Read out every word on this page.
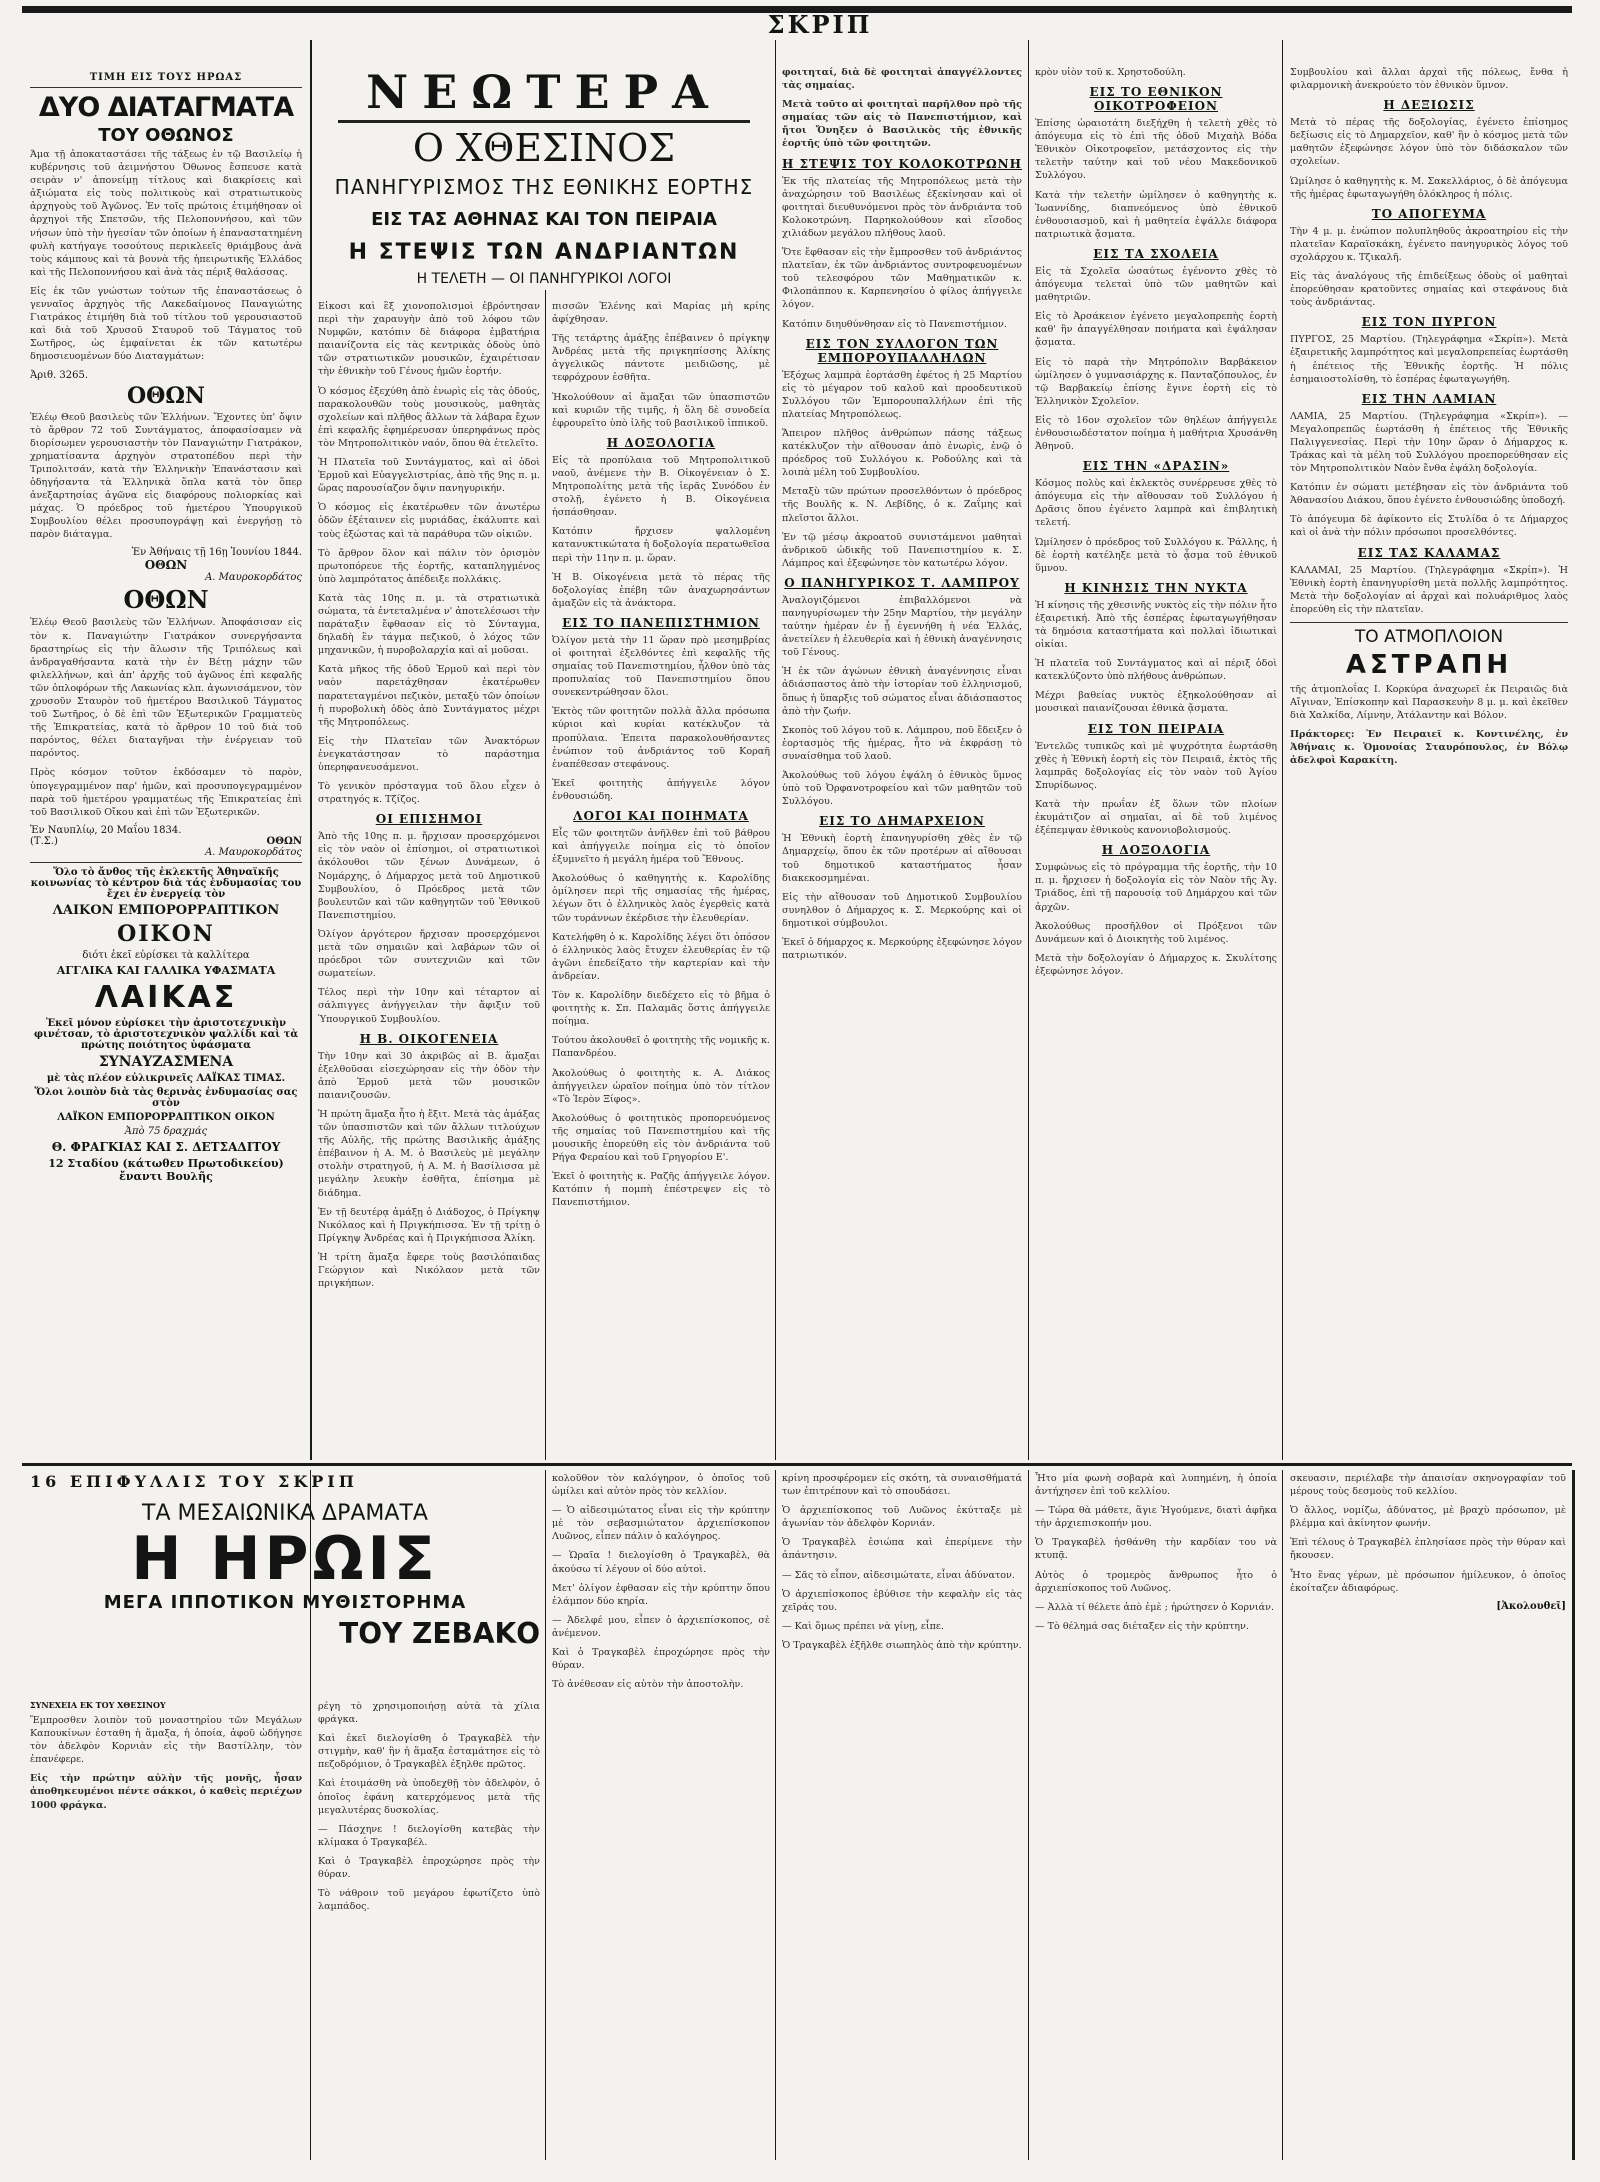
ΣΚΡΙΠ
ΤΙΜΗ ΕΙΣ ΤΟΥΣ ΗΡΩΑΣ
ΔΥΟ ΔΙΑΤΑΓΜΑΤΑ
ΤΟΥ ΟΘΩΝΟΣ

Άμα τῇ ἀποκαταστάσει τῆς τάξεως ἐν τῷ Βασιλείῳ ἡ κυβέρνησις τοῦ ἀειμνήστου Όθωνος ἔσπευσε κατὰ σειρὰν ν' ἀπονείμῃ τίτλους καὶ διακρίσεις καὶ ἀξιώματα εἰς τοὺς πολιτικοὺς καὶ στρατιωτικοὺς ἀρχηγοὺς τοῦ Ἀγῶνος. Ἐν τοῖς πρώτοις ἐτιμήθησαν οἱ ἀρχηγοὶ τῆς Σπετσῶν, τῆς Πελοποννήσου, καὶ τῶν νήσων ὑπὸ τὴν ἡγεσίαν τῶν ὁποίων ἡ ἐπαναστατημένη φυλὴ κατήγαγε τοσούτους περικλεεῖς θριάμβους ἀνὰ τοὺς κάμπους καὶ τὰ βουνὰ τῆς ἠπειρωτικῆς Ἑλλάδος καὶ τῆς Πελοποννήσου καὶ ἀνὰ τὰς πέριξ θαλάσσας.

Εἰς ἐκ τῶν γνώστων τούτων τῆς ἐπαναστάσεως ὁ γενναῖος ἀρχηγὸς τῆς Λακεδαίμονος Παναγιώτης Γιατράκος ἐτιμήθη διὰ τοῦ τίτλου τοῦ γερουσιαστοῦ καὶ διὰ τοῦ Χρυσοῦ Σταυροῦ τοῦ Τάγματος τοῦ Σωτῆρος, ὡς ἐμφαίνεται ἐκ τῶν κατωτέρω δημοσιευομένων δύο Διαταγμάτων:

Ἀριθ. 3265.
ΟΘΩΝ

Ἐλέῳ Θεοῦ βασιλεὺς τῶν Ἑλλήνων. Ἔχοντες ὑπ' ὄψιν τὸ ἄρθρον 72 τοῦ Συντάγματος, ἀποφασίσαμεν νὰ διορίσωμεν γερουσιαστὴν τὸν Παναγιώτην Γιατράκον, χρηματίσαντα ἀρχηγὸν στρατοπέδου περὶ τὴν Τριπολιτσάν, κατὰ τὴν Ἑλληνικὴν Ἐπανάστασιν καὶ ὁδηγήσαντα τὰ Ἑλληνικὰ ὅπλα κατὰ τὸν ὅπερ ἀνεξαρτησίας ἀγῶνα εἰς διαφόρους πολιορκίας καὶ μάχας. Ὁ πρόεδρος τοῦ ἡμετέρου Ὑπουργικοῦ Συμβουλίου θέλει προσυπογράψῃ καὶ ἐνεργήσῃ τὸ παρὸν διάταγμα.

Ἐν Ἀθήναις τῇ 16ῃ Ἰουνίου 1844.
ΟΘΩΝ
Α. Μαυροκορδάτος
ΟΘΩΝ

Ἐλέῳ Θεοῦ βασιλεὺς τῶν Ἑλλήνων. Ἀποφάσισαν εἰς τὸν κ. Παναγιώτην Γιατράκον συνεργήσαντα δραστηρίως εἰς τὴν ἅλωσιν τῆς Τριπόλεως καὶ ἀνδραγαθήσαντα κατὰ τὴν ἐν Βέτῃ μάχην τῶν φιλελλήνων, καὶ ἀπ' ἀρχῆς τοῦ ἀγῶνος ἐπὶ κεφαλῆς τῶν ὁπλοφόρων τῆς Λακωνίας κλπ. ἀγωνισάμενον, τὸν χρυσοῦν Σταυρὸν τοῦ ἡμετέρου Βασιλικοῦ Τάγματος τοῦ Σωτῆρος, ὁ δὲ ἐπὶ τῶν Ἐξωτερικῶν Γραμματεὺς τῆς Ἐπικρατείας, κατὰ τὸ ἄρθρον 10 τοῦ διὰ τοῦ παρόντος, θέλει διαταγῆναι τὴν ἐνέργειαν τοῦ παρόντος.

Πρὸς κόσμον τοῦτον ἐκδόσαμεν τὸ παρὸν, ὑπογεγραμμένον παρ' ἡμῶν, καὶ προσυπογεγραμμένον παρὰ τοῦ ἡμετέρου γραμματέως τῆς Ἐπικρατείας ἐπὶ τοῦ Βασιλικοῦ Οἴκου καὶ ἐπὶ τῶν Ἐξωτερικῶν.

Ἐν Ναυπλίῳ, 20 Μαΐου 1834.
(Τ.Σ.)	ΟΘΩΝ
Α. Μαυροκορδάτος
Ὅλο τὸ ἄνθος τῆς ἐκλεκτῆς Ἀθηναϊκῆς κοινωνίας τὸ κέντρον διὰ τάς ἐνδυμασίας του ἔχει ἐν ἐνεργείᾳ τὸν
ΛΑΙΚΟΝ ΕΜΠΟΡΟΡΡΑΠΤΙΚΟΝ
ΟΙΚΟΝ
διότι ἐκεῖ εὑρίσκει τὰ καλλίτερα
ΑΓΓΛΙΚΑ ΚΑΙ ΓΑΛΛΙΚΑ ΥΦΑΣΜΑΤΑ
ΛΑΙΚΑΣ
Ἐκεῖ μόνον εὑρίσκει τὴν ἀριστοτεχνικὴν φινέτσαν, τὸ ἀριστοτεχνικὸν ψαλλίδι καὶ τὰ πρώτης ποιότητος ὑφάσματα
ΣΥΝΑΥΖΑΣΜΕΝΑ
μὲ τὰς πλέον εὐλικρινεῖς ΛΑΪΚΑΣ ΤΙΜΑΣ.
Ὅλοι λοιπὸν διὰ τὰς θερινὰς ἐνδυμασίας σας στὸν
ΛΑΪΚΟΝ ΕΜΠΟΡΟΡΡΑΠΤΙΚΟΝ ΟΙΚΟΝ
Ἀπὸ 75 δραχμάς
Θ. ΦΡΑΓΚΙΑΣ ΚΑΙ Σ. ΔΕΤΣΑΔΙΤΟΥ
12 Σταδίου (κάτωθεν Πρωτοδικείου) ἔναντι Βουλῆς
ΝΕΩΤΕΡΑ
Ο ΧΘΕΣΙΝΟΣ
ΠΑΝΗΓΥΡΙΣΜΟΣ ΤΗΣ ΕΘΝΙΚΗΣ ΕΟΡΤΗΣ
ΕΙΣ ΤΑΣ ΑΘΗΝΑΣ ΚΑΙ ΤΟΝ ΠΕΙΡΑΙΑ
Η ΣΤΕΨΙΣ ΤΩΝ ΑΝΔΡΙΑΝΤΩΝ
Η ΤΕΛΕΤΗ — ΟΙ ΠΑΝΗΓΥΡΙΚΟΙ ΛΟΓΟΙ

Εἰκοσι καὶ ἓξ χιονοπολισμοὶ ἐβρόντησαν περὶ τὴν χαραυγὴν ἀπὸ τοῦ λόφου τῶν Νυμφῶν, κατόπιν δὲ διάφορα ἐμβατήρια παιανίζοντα εἰς τὰς κεντρικὰς ὁδοὺς ὑπὸ τῶν στρατιωτικῶν μουσικῶν, ἐχαιρέτισαν τὴν ἐθνικὴν τοῦ Γένους ἡμῶν ἑορτήν.

Ὁ κόσμος ἐξεχύθη ἀπὸ ἐνωρὶς εἰς τὰς ὁδούς, παρακολουθῶν τοὺς μουσικοὺς, μαθητὰς σχολείων καὶ πλῆθος ἄλλων τὰ λάβαρα ἔχων ἐπὶ κεφαλῆς ἐφημέρευσαν ὑπερηφάνως πρὸς τὸν Μητροπολιτικὸν ναόν, ὅπου θὰ ἐτελεῖτο.

Ἡ Πλατεῖα τοῦ Συντάγματος, καὶ αἱ ὁδοὶ Ἑρμοῦ καὶ Εὐαγγελιστρίας, ἀπὸ τῆς 9ης π. μ. ὥρας παρουσίαζον ὄψιν πανηγυρικήν.

Ὁ κόσμος εἰς ἑκατέρωθεν τῶν ἀνωτέρω ὁδῶν ἐξέταινεν εἰς μυριάδας, ἐκάλυπτε καὶ τοὺς ἐξώστας καὶ τὰ παράθυρα τῶν οἰκιῶν.

Τὸ ἄρθρον ὅλον καὶ πάλιν τὸν ὁρισμὸν πρωτοπόρευε τῆς ἑορτῆς, καταπληγμένος ὑπὸ λαμπρότατος ἀπέδειξε πολλάκις.

Κατὰ τὰς 10ης π. μ. τὰ στρατιωτικὰ σώματα, τὰ ἐντεταλμένα ν' ἀποτελέσωσι τὴν παράταξιν ἔφθασαν εἰς τὸ Σύνταγμα, δηλαδὴ ἓν τάγμα πεζικοῦ, ὁ λόχος τῶν μηχανικῶν, ἡ πυροβολαρχία καὶ αἱ μοῦσαι.

Κατὰ μῆκος τῆς ὁδοῦ Ἑρμοῦ καὶ περὶ τὸν ναὸν παρετάχθησαν ἑκατέρωθεν παρατεταγμένοι πεζικὸν, μεταξὺ τῶν ὁποίων ἡ πυροβολικὴ ὁδὸς ἀπὸ Συντάγματος μέχρι τῆς Μητροπόλεως.

Εἰς τὴν Πλατεῖαν τῶν Ἀνακτόρων ἐνεγκατάστησαν τὸ παράστημα ὑπερηφανευσάμενοι.

Τὸ γενικὸν πρόσταγμα τοῦ ὅλου εἶχεν ὁ στρατηγός κ. Τζίζος.

ΟΙ ΕΠΙΣΗΜΟΙ

Ἀπὸ τῆς 10ης π. μ. ἤρχισαν προσερχόμενοι εἰς τὸν ναὸν οἱ ἐπίσημοι, οἱ στρατιωτικοὶ ἀκόλουθοι τῶν ξένων Δυνάμεων, ὁ Νομάρχης, ὁ Δήμαρχος μετὰ τοῦ Δημοτικοῦ Συμβουλίου, ὁ Πρόεδρος μετὰ τῶν βουλευτῶν καὶ τῶν καθηγητῶν τοῦ Ἐθνικοῦ Πανεπιστημίου.

Ὀλίγον ἀργότερον ἤρχισαν προσερχόμενοι μετὰ τῶν σημαιῶν καὶ λαβάρων τῶν οἱ πρόεδροι τῶν συντεχνιῶν καὶ τῶν σωματείων.

Τέλος περὶ τὴν 10ην καὶ τέταρτον αἱ σάλπιγγες ἀνήγγειλαν τὴν ἄφιξιν τοῦ Ὑπουργικοῦ Συμβουλίου.

Η Β. ΟΙΚΟΓΕΝΕΙΑ

Τὴν 10ην καὶ 30 ἀκριβῶς αἱ Β. ἅμαξαι ἐξελθοῦσαι εἰσεχώρησαν εἰς τὴν ὁδὸν τὴν ἀπὸ Ἑρμοῦ μετὰ τῶν μουσικῶν παιανιζουσῶν.

Ἡ πρώτη ἅμαξα ἦτο ἡ ἔξιτ. Μετὰ τὰς ἁμάξας τῶν ὑπασπιστῶν καὶ τῶν ἄλλων τιτλούχων τῆς Αὐλῆς, τῆς πρώτης Βασιλικῆς ἁμάξης ἐπέβαινον ἡ Α. Μ. ὁ Βασιλεὺς μὲ μεγάλην στολὴν στρατηγοῦ, ἡ Α. Μ. ἡ Βασίλισσα μὲ μεγάλην λευκὴν ἐσθῆτα, ἐπίσημα μὲ διάδημα.

Ἐν τῇ δευτέρᾳ ἁμάξῃ ὁ Διάδοχος, ὁ Πρίγκηψ Νικόλαος καὶ ἡ Πριγκήπισσα. Ἐν τῇ τρίτῃ ὁ Πρίγκηψ Ἀνδρέας καὶ ἡ Πριγκήπισσα Ἀλίκη.

Ἡ τρίτη ἅμαξα ἔφερε τοὺς βασιλόπαιδας Γεώργιον καὶ Νικόλαον μετὰ τῶν πριγκήπων.

πισσῶν Ἑλένης καὶ Μαρίας μὴ κρίης ἀφίχθησαν.

Τῆς τετάρτης ἁμάξης ἐπέβαινεν ὁ πρίγκηψ Ἀνδρέας μετὰ τῆς πριγκηπίσσης Ἀλίκης ἀγγελικῶς πάντοτε μειδιῶσης, μὲ τεφρόχρουν ἐσθῆτα.

Ἠκολούθουν αἱ ἅμαξαι τῶν ὑπασπιστῶν καὶ κυριῶν τῆς τιμῆς, ἡ ὅλη δὲ συνοδεία ἐφρουρεῖτο ὑπὸ ἰλῆς τοῦ βασιλικοῦ ἱππικοῦ.

Η ΔΟΞΟΛΟΓΙΑ

Εἰς τὰ προπύλαια τοῦ Μητροπολιτικοῦ ναοῦ, ἀνέμενε τὴν Β. Οἰκογένειαν ὁ Σ. Μητροπολίτης μετὰ τῆς ἱερᾶς Συνόδου ἐν στολῇ, ἐγένετο ἡ Β. Οἰκογένεια ἠσπάσθησαν.

Κατόπιν ἤρχισεν ψαλλομένη κατανυκτικώτατα ἡ δοξολογία περατωθεῖσα περὶ τὴν 11ην π. μ. ὥραν.

Ἡ Β. Οἰκογένεια μετὰ τὸ πέρας τῆς δοξολογίας ἐπέβη τῶν ἀναχωρησάντων ἁμαξῶν εἰς τὰ ἀνάκτορα.

ΕΙΣ ΤΟ ΠΑΝΕΠΙΣΤΗΜΙΟΝ

Ὀλίγον μετὰ τὴν 11 ὥραν πρὸ μεσημβρίας οἱ φοιτηταὶ ἐξελθόντες ἐπὶ κεφαλῆς τῆς σημαίας τοῦ Πανεπιστημίου, ἦλθον ὑπὸ τὰς προπυλαίας τοῦ Πανεπιστημίου ὅπου συνεκεντρώθησαν ὅλοι.

Ἐκτὸς τῶν φοιτητῶν πολλὰ ἄλλα πρόσωπα κύριοι καὶ κυρίαι κατέκλυζον τὰ προπύλαια. Ἐπειτα παρακολουθήσαντες ἐνώπιον τοῦ ἀνδριάντος τοῦ Κοραῆ ἐναπέθεσαν στεφάνους.

Ἐκεῖ φοιτητὴς ἀπήγγειλε λόγον ἐνθουσιώδη.

ΛΟΓΟΙ ΚΑΙ ΠΟΙΗΜΑΤΑ

Εἷς τῶν φοιτητῶν ἀνῆλθεν ἐπὶ τοῦ βάθρου καὶ ἀπήγγειλε ποίημα εἰς τὸ ὁποῖον ἐξυμνεῖτο ἡ μεγάλη ἡμέρα τοῦ Ἔθνους.

Ἀκολούθως ὁ καθηγητὴς κ. Καρολίδης ὁμίλησεν περὶ τῆς σημασίας τῆς ἡμέρας, λέγων ὅτι ὁ ἑλληνικὸς λαὸς ἐγερθεὶς κατὰ τῶν τυράννων ἐκέρδισε τὴν ἐλευθερίαν.

Κατελήφθη ὁ κ. Καρολίδης λέγει ὅτι ὁπόσον ὁ ἑλληνικὸς λαὸς ἔτυχεν ἐλευθερίας ἐν τῷ ἀγῶνι ἐπεδείξατο τὴν καρτερίαν καὶ τὴν ἀνδρείαν.

Τὸν κ. Καρολίδην διεδέχετο εἰς τὸ βῆμα ὁ φοιτητὴς κ. Σπ. Παλαμᾶς ὅστις ἀπήγγειλε ποίημα.

Τούτου ἀκολουθεῖ ὁ φοιτητὴς τῆς νομικῆς κ. Παπανδρέου.

Ἀκολούθως ὁ φοιτητὴς κ. Α. Διάκος ἀπήγγειλεν ὡραῖον ποίημα ὑπὸ τὸν τίτλον «Τὸ Ἱερὸν Ξίφος».

Ἀκολούθως ὁ φοιτητικὸς προπορευόμενος τῆς σημαίας τοῦ Πανεπιστημίου καὶ τῆς μουσικῆς ἐπορεύθη εἰς τὸν ἀνδριάντα τοῦ Ρήγα Φεραίου καὶ τοῦ Γρηγορίου Ε'.

Ἐκεῖ ὁ φοιτητὴς κ. Ραζῆς ἀπήγγειλε λόγον. Κατόπιν ἡ πομπὴ ἐπέστρεψεν εἰς τὸ Πανεπιστήμιον.

φοιτηταί, διὰ δὲ φοιτηταὶ ἀπαγγέλλοντες τὰς σημαίας.

Μετὰ τοῦτο αἱ φοιτηταὶ παρῆλθον πρὸ τῆς σημαίας τῶν αἰς τὸ Πανεπιστήμιον, καὶ ἤτοι Ὄνηξεν ὁ Βασιλικὸς τῆς ἐθνικῆς ἑορτῆς ὑπὸ τῶν φοιτητῶν.

Η ΣΤΕΨΙΣ ΤΟΥ ΚΟΛΟΚΟΤΡΩΝΗ

Ἐκ τῆς πλατείας τῆς Μητροπόλεως μετὰ τὴν ἀναχώρησιν τοῦ Βασιλέως ἐξεκίνησαν καὶ οἱ φοιτηταὶ διευθυνόμενοι πρὸς τὸν ἀνδριάντα τοῦ Κολοκοτρώνη. Παρηκολούθουν καὶ εἴσοδος χιλιάδων μεγάλου πλήθους λαοῦ.

Ὅτε ἔφθασαν εἰς τὴν ἔμπροσθεν τοῦ ἀνδριάντος πλατεῖαν, ἐκ τῶν ἀνδριάντος συντροφευομένων τοῦ τελεσφόρου τῶν Μαθηματικῶν κ. Φιλοπάππου κ. Καρπενησίου ὁ φίλος ἀπήγγειλε λόγον.

Κατόπιν διηυθύνθησαν εἰς τὸ Πανεπιστήμιον.

ΕΙΣ ΤΟΝ ΣΥΛΛΟΓΟΝ ΤΩΝ ΕΜΠΟΡΟΥΠΑΛΛΗΛΩΝ

Ἐξόχως λαμπρὰ ἑορτάσθη ἐφέτος ἡ 25 Μαρτίου εἰς τὸ μέγαρον τοῦ καλοῦ καὶ προοδευτικοῦ Συλλόγου τῶν Ἐμπορουπαλλήλων ἐπὶ τῆς πλατείας Μητροπόλεως.

Ἄπειρον πλῆθος ἀνθρώπων πάσης τάξεως κατέκλυζον τὴν αἴθουσαν ἀπὸ ἐνωρὶς, ἐνῷ ὁ πρόεδρος τοῦ Συλλόγου κ. Ροδούλης καὶ τὰ λοιπὰ μέλη τοῦ Συμβουλίου.

Μεταξὺ τῶν πρώτων προσελθόντων ὁ πρόεδρος τῆς Βουλῆς κ. Ν. Λεβίδης, ὁ κ. Ζαΐμης καὶ πλεῖστοι ἄλλοι.

Ἐν τῷ μέσῳ ἀκροατοῦ συνιστάμενοι μαθηταὶ ἀνδρικοῦ ὠδικῆς τοῦ Πανεπιστημίου κ. Σ. Λάμπρος καὶ ἐξεφώνησε τὸν κατωτέρω λόγον.

Ο ΠΑΝΗΓΥΡΙΚΟΣ Τ. ΛΑΜΠΡΟΥ

Ἀναλογιζόμενοι ἐπιβαλλόμενοι νὰ πανηγυρίσωμεν τὴν 25ην Μαρτίου, τὴν μεγάλην ταύτην ἡμέραν ἐν ᾗ ἐγεννήθη ἡ νέα Ἑλλάς, ἀνετείλεν ἡ ἐλευθερία καὶ ἡ ἐθνικὴ ἀναγέννησις τοῦ Γένους.

Ἡ ἐκ τῶν ἀγώνων ἐθνικὴ ἀναγέννησις εἶναι ἀδιάσπαστος ἀπὸ τὴν ἱστορίαν τοῦ ἑλληνισμοῦ, ὅπως ἡ ὕπαρξις τοῦ σώματος εἶναι ἀδιάσπαστος ἀπὸ τὴν ζωήν.

Σκοπὸς τοῦ λόγου τοῦ κ. Λάμπρου, ποῦ ἔδειξεν ὁ ἑορτασμὸς τῆς ἡμέρας, ἦτο νὰ ἐκφράσῃ τὸ συναίσθημα τοῦ λαοῦ.

Ἀκολούθως τοῦ λόγου ἐψάλη ὁ ἐθνικὸς ὕμνος ὑπὸ τοῦ Ὀρφανοτροφείου καὶ τῶν μαθητῶν τοῦ Συλλόγου.

ΕΙΣ ΤΟ ΔΗΜΑΡΧΕΙΟΝ

Ἡ Ἐθνικὴ ἑορτὴ ἐπανηγυρίσθη χθὲς ἐν τῷ Δημαρχείῳ, ὅπου ἐκ τῶν προτέρων αἱ αἴθουσαι τοῦ δημοτικοῦ καταστήματος ἦσαν διακεκοσμημέναι.

Εἰς τὴν αἴθουσαν τοῦ Δημοτικοῦ Συμβουλίου συνηλθον ὁ Δήμαρχος κ. Σ. Μερκούρης καὶ οἱ δημοτικοὶ σύμβουλοι.

Ἐκεῖ ὁ δήμαρχος κ. Μερκούρης ἐξεφώνησε λόγον πατριωτικόν.

κρὸν υἱὸν τοῦ κ. Χρηστοδούλη.

ΕΙΣ ΤΟ ΕΘΝΙΚΟΝ ΟΙΚΟΤΡΟΦΕΙΟΝ

Ἐπίσης ὡραιοτάτη διεξήχθη ἡ τελετὴ χθὲς τὸ ἀπόγευμα εἰς τὸ ἐπὶ τῆς ὁδοῦ Μιχαὴλ Βόδα Ἐθνικὸν Οἰκοτροφεῖον, μετάσχοντος εἰς τὴν τελετὴν ταύτην καὶ τοῦ νέου Μακεδονικοῦ Συλλόγου.

Κατὰ τὴν τελετὴν ὡμίλησεν ὁ καθηγητὴς κ. Ἰωαννίδης, διαπνεόμενος ὑπὸ ἐθνικοῦ ἐνθουσιασμοῦ, καὶ ἡ μαθητεία ἐψάλλε διάφορα πατριωτικὰ ᾄσματα.

ΕΙΣ ΤΑ ΣΧΟΛΕΙΑ

Εἰς τὰ Σχολεῖα ὡσαύτως ἐγένοντο χθὲς τὸ ἀπόγευμα τελεταὶ ὑπὸ τῶν μαθητῶν καὶ μαθητριῶν.

Εἰς τὸ Ἀρσάκειον ἐγένετο μεγαλοπρεπὴς ἑορτὴ καθ' ἣν ἀπαγγέλθησαν ποιήματα καὶ ἐψάλησαν ᾄσματα.

Εἰς τὸ παρὰ τὴν Μητρόπολιν Βαρβάκειον ὡμίλησεν ὁ γυμνασιάρχης κ. Πανταζόπουλος, ἐν τῷ Βαρβακείῳ ἐπίσης ἔγινε ἑορτὴ εἰς τὸ Ἑλληνικὸν Σχολεῖον.

Εἰς τὸ 16ον σχολεῖον τῶν θηλέων ἀπήγγειλε ἐνθουσιωδέστατον ποίημα ἡ μαθήτρια Χρυσάνθη Ἀθηνοῦ.

ΕΙΣ ΤΗΝ «ΔΡΑΣΙΝ»

Κόσμος πολὺς καὶ ἐκλεκτὸς συνέρρευσε χθὲς τὸ ἀπόγευμα εἰς τὴν αἴθουσαν τοῦ Συλλόγου ἡ Δρᾶσις ὅπου ἐγένετο λαμπρὰ καὶ ἐπιβλητικὴ τελετή.

Ὡμίλησεν ὁ πρόεδρος τοῦ Συλλόγου κ. Ῥάλλης, ἡ δὲ ἑορτὴ κατέληξε μετὰ τὸ ᾆσμα τοῦ ἐθνικοῦ ὕμνου.

Η ΚΙΝΗΣΙΣ ΤΗΝ ΝΥΚΤΑ

Ἡ κίνησις τῆς χθεσινῆς νυκτὸς εἰς τὴν πόλιν ἦτο ἐξαιρετική. Ἀπὸ τῆς ἑσπέρας ἐφωταγωγήθησαν τὰ δημόσια καταστήματα καὶ πολλαὶ ἰδιωτικαὶ οἰκίαι.

Ἡ πλατεῖα τοῦ Συντάγματος καὶ αἱ πέριξ ὁδοὶ κατεκλύζοντο ὑπὸ πλήθους ἀνθρώπων.

Μέχρι βαθείας νυκτὸς ἐξηκολούθησαν αἱ μουσικαὶ παιανίζουσαι ἐθνικὰ ᾄσματα.

ΕΙΣ ΤΟΝ ΠΕΙΡΑΙΑ

Ἐντελῶς τυπικῶς καὶ μὲ ψυχρότητα ἑωρτάσθη χθὲς ἡ Ἐθνικὴ ἑορτὴ εἰς τὸν Πειραιᾶ, ἐκτὸς τῆς λαμπρᾶς δοξολογίας εἰς τὸν ναὸν τοῦ Ἁγίου Σπυρίδωνος.

Κατὰ τὴν πρωΐαν ἐξ ὅλων τῶν πλοίων ἐκυμάτιζον αἱ σημαῖαι, αἱ δὲ τοῦ λιμένος ἐξέπεμψαν ἐθνικοὺς κανονιοβολισμούς.

Η ΔΟΞΟΛΟΓΙΑ

Συμφώνως εἰς τὸ πρόγραμμα τῆς ἑορτῆς, τὴν 10 π. μ. ἤρχισεν ἡ δοξολογία εἰς τὸν Ναὸν τῆς Ἁγ. Τριάδος, ἐπὶ τῇ παρουσίᾳ τοῦ Δημάρχου καὶ τῶν ἀρχῶν.

Ἀκολούθως προσῆλθον οἱ Πρόξενοι τῶν Δυνάμεων καὶ ὁ Διοικητὴς τοῦ λιμένος.

Μετὰ τὴν δοξολογίαν ὁ Δήμαρχος κ. Σκυλίτσης ἐξεφώνησε λόγον.

Συμβουλίου καὶ ἄλλαι ἀρχαὶ τῆς πόλεως, ἔνθα ἡ φιλαρμονικὴ ἀνεκρούετο τὸν ἐθνικὸν ὕμνον.

Η ΔΕΞΙΩΣΙΣ

Μετὰ τὸ πέρας τῆς δοξολογίας, ἐγένετο ἐπίσημος δεξίωσις εἰς τὸ Δημαρχεῖον, καθ' ἣν ὁ κόσμος μετὰ τῶν μαθητῶν ἐξεφώνησε λόγον ὑπὸ τὸν διδάσκαλον τῶν σχολείων.

Ὡμίλησε ὁ καθηγητὴς κ. Μ. Σακελλάριος, ὁ δὲ ἀπόγευμα τῆς ἡμέρας ἐφωταγωγήθη ὁλόκληρος ἡ πόλις.

ΤΟ ΑΠΟΓΕΥΜΑ

Τὴν 4 μ. μ. ἐνώπιον πολυπληθοῦς ἀκροατηρίου εἰς τὴν πλατεῖαν Καραϊσκάκη, ἐγένετο πανηγυρικὸς λόγος τοῦ σχολάρχου κ. Τζικαλῆ.

Εἰς τὰς ἀναλόγους τῆς ἐπιδείξεως ὁδοὺς οἱ μαθηταὶ ἐπορεύθησαν κρατοῦντες σημαίας καὶ στεφάνους διὰ τοὺς ἀνδριάντας.

ΕΙΣ ΤΟΝ ΠΥΡΓΟΝ

ΠΥΡΓΟΣ, 25 Μαρτίου. (Τηλεγράφημα «Σκρίπ»). Μετὰ ἐξαιρετικῆς λαμπρότητος καὶ μεγαλοπρεπείας ἑωρτάσθη ἡ ἐπέτειος τῆς Ἐθνικῆς ἑορτῆς. Ἡ πόλις ἐσημαιοστολίσθη, τὸ ἑσπέρας ἐφωταγωγήθη.

ΕΙΣ ΤΗΝ ΛΑΜΙΑΝ

ΛΑΜΙΑ, 25 Μαρτίου. (Τηλεγράφημα «Σκρίπ»). — Μεγαλοπρεπῶς ἑωρτάσθη ἡ ἐπέτειος τῆς Ἐθνικῆς Παλιγγενεσίας. Περὶ τὴν 10ην ὥραν ὁ Δήμαρχος κ. Τράκας καὶ τὰ μέλη τοῦ Συλλόγου προεπορεύθησαν εἰς τὸν Μητροπολιτικὸν Ναὸν ἔνθα ἐψάλη δοξολογία.

Κατόπιν ἐν σώματι μετέβησαν εἰς τὸν ἀνδριάντα τοῦ Ἀθανασίου Διάκου, ὅπου ἐγένετο ἐνθουσιώδης ὑποδοχή.

Τὸ ἀπόγευμα δὲ ἀφίκοντο εἰς Στυλίδα ὁ τε Δήμαρχος καὶ οἱ ἀνὰ τὴν πόλιν πρόσωποι προσελθόντες.

ΕΙΣ ΤΑΣ ΚΑΛΑΜΑΣ

ΚΑΛΑΜΑΙ, 25 Μαρτίου. (Τηλεγράφημα «Σκρίπ»). Ἡ Ἐθνικὴ ἑορτὴ ἐπανηγυρίσθη μετὰ πολλῆς λαμπρότητος. Μετὰ τὴν δοξολογίαν αἱ ἀρχαὶ καὶ πολυάριθμος λαὸς ἐπορεύθη εἰς τὴν πλατεῖαν.

ΤΟ ΑΤΜΟΠΛΟΙΟΝ
ΑΣΤΡΑΠΗ

τῆς ἀτμοπλοΐας Ι. Κορκύρα ἀναχωρεῖ ἐκ Πειραιῶς διὰ Αἴγιναν, Ἐπίσκοπην καὶ Παρασκευὴν 8 μ. μ. καὶ ἐκεῖθεν διὰ Χαλκίδα, Λίμνην, Ἀτάλαντην καὶ Βόλον.

Πράκτορες: Ἐν Πειραιεῖ κ. Κοντινέλης, ἐν Ἀθήναις κ. Ὁμονοίας Σταυρόπουλος, ἐν Βόλῳ ἀδελφοὶ Καρακίτη.

16 ΕΠΙΦΥΛΛΙΣ ΤΟΥ ΣΚΡΙΠ
ΤΑ ΜΕΣΑΙΩΝΙΚΑ ΔΡΑΜΑΤΑ
Η ΗΡΩΙΣ
ΜΕΓΑ ΙΠΠΟΤΙΚΟΝ ΜΥΘΙΣΤΟΡΗΜΑ
ΤΟΥ ΖΕΒΑΚΟ
ΣΥΝΕΧΕΙΑ ΕΚ ΤΟΥ ΧΘΕΣΙΝΟΥ

Ἔμπροσθεν λοιπὸν τοῦ μοναστηρίου τῶν Μεγάλων Καπουκίνων ἐσταθη ἡ ἅμαξα, ἡ ὁποία, ἀφοῦ ὡδήγησε τὸν ἀδελφὸν Κορνιὰν εἰς τὴν Βαστίλλην, τὸν ἐπανέφερε.

Εἰς τὴν πρώτην αὐλὴν τῆς μονῆς, ἦσαν ἀποθηκευμένοι πέντε σάκκοι, ὁ καθεὶς περιέχων 1000 φράγκα.

ρέγη τὸ χρησιμοποιήσῃ αὐτὰ τὰ χίλια φράγκα.

Καὶ ἐκεῖ διελογίσθη ὁ Τραγκαβὲλ τὴν στιγμὴν, καθ' ἣν ἡ ἅμαξα ἐσταμάτησε εἰς τὸ πεζοδρόμιον, ὁ Τραγκαβὲλ ἐξηλθε πρῶτος.

Καὶ ἑτοιμάσθη νὰ ὑποδεχθῇ τὸν ἀδελφὸν, ὁ ὁποῖος ἐφάνη κατερχόμενος μετὰ τῆς μεγαλυτέρας δυσκολίας.

— Πάσχηνε ! διελογίσθη κατεβὰς τὴν κλίμακα ὁ Τραγκαβέλ.

Καὶ ὁ Τραγκαβὲλ ἐπροχώρησε πρὸς τὴν θύραν.

Τὸ νάθροιν τοῦ μεγάρου ἐφωτίζετο ὑπὸ λαμπάδος.

κολοῦθον τὸν καλόγηρον, ὁ ὁποῖος τοῦ ὡμίλει καὶ αὐτὸν πρὸς τὸν κελλίον.

— Ὁ αἰδεσιμώτατος εἶναι εἰς τὴν κρύπτην μὲ τὸν σεβασμιώτατον ἀρχιεπίσκοπον Λυῶνος, εἶπεν πάλιν ὁ καλόγηρος.

— Ὡραῖα ! διελογίσθη ὁ Τραγκαβὲλ, θὰ ἀκούσω τί λέγουν οἱ δύο αὐτοὶ.

Μετ' ὀλίγον ἐφθασαν εἰς τὴν κρύπτην ὅπου ἐλάμπον δύο κηρία.

— Ἀδελφέ μου, εἶπεν ὁ ἀρχιεπίσκοπος, σὲ ἀνέμενον.

Καὶ ὁ Τραγκαβὲλ ἐπροχώρησε πρὸς τὴν θύραν.

Τὸ ἀνέθεσαν εἰς αὐτὸν τὴν ἀποστολὴν.

κρίνη προσφέρομεν εἰς σκότη, τὰ συναισθήματά των ἐπιτρέπουν καὶ τὸ σπουδάσει.

Ὁ ἀρχιεπίσκοπος τοῦ Λυῶνος ἐκύτταξε μὲ ἀγωνίαν τὸν ἀδελφὸν Κορνιάν.

Ὁ Τραγκαβὲλ ἐσιώπα καὶ ἐπερίμενε τὴν ἀπάντησιν.

— Σᾶς τὸ εἶπον, αἰδεσιμώτατε, εἶναι ἀδύνατον.

Ὁ ἀρχιεπίσκοπος ἐβύθισε τὴν κεφαλὴν εἰς τὰς χεῖράς του.

— Καὶ ὅμως πρέπει νὰ γίνῃ, εἶπε.

Ὁ Τραγκαβὲλ ἐξῆλθε σιωπηλὸς ἀπὸ τὴν κρύπτην.

Ἦτο μία φωνὴ σοβαρὰ καὶ λυπημένη, ἡ ὁποία ἀντήχησεν ἐπὶ τοῦ κελλίου.

— Τώρα θὰ μάθετε, ἅγιε Ἡγούμενε, διατὶ ἀφῆκα τὴν ἀρχιεπισκοπήν μου.

Ὁ Τραγκαβὲλ ἠσθάνθη τὴν καρδίαν του νὰ κτυπᾷ.

Αὐτὸς ὁ τρομερὸς ἄνθρωπος ἦτο ὁ ἀρχιεπίσκοπος τοῦ Λυῶνος.

— Ἀλλὰ τί θέλετε ἀπὸ ἐμὲ ; ἠρώτησεν ὁ Κορνιάν.

— Τὸ θέλημά σας διέταξεν εἰς τὴν κρύπτην.

σκευασιν, περιέλαβε τὴν ἀπαισίαν σκηνογραφίαν τοῦ μέρους τοὺς δεσμοὺς τοῦ κελλίου.

Ὁ ἄλλος, νομίζω, ἀδύνατος, μὲ βραχὺ πρόσωπον, μὲ βλέμμα καὶ ἀκίνητον φωνήν.

Ἐπὶ τέλους ὁ Τραγκαβὲλ ἐπλησίασε πρὸς τὴν θύραν καὶ ἤκουσεν.

Ἦτο ἕνας γέρων, μὲ πρόσωπον ἡμίλευκον, ὁ ὁποῖος ἐκοίταζεν ἀδιαφόρως.

[Ἀκολουθεῖ]
